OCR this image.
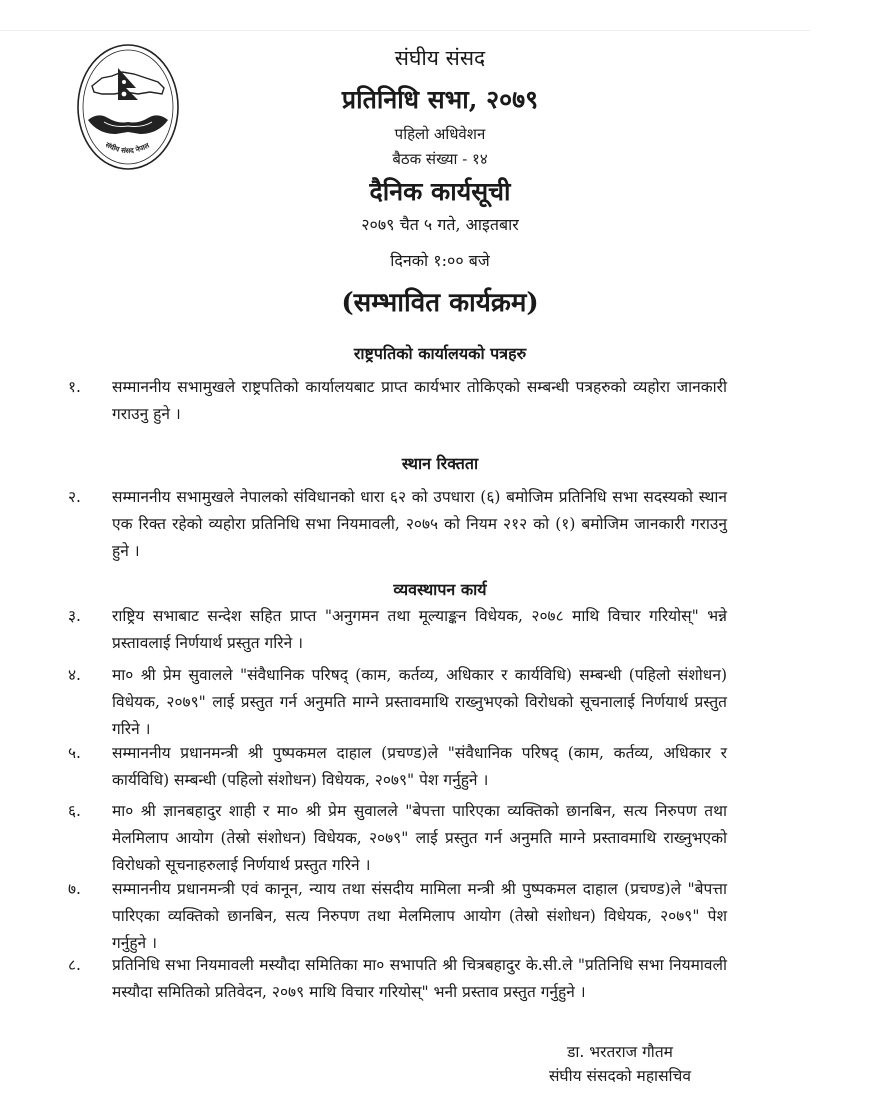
संघीय संसद नेपाल
संघीय संसद
प्रतिनिधि सभा, २०७९
पहिलो अधिवेशन
बैठक संख्या - १४
दैनिक कार्यसूची
२०७९ चैत ५ गते, आइतबार
दिनको १:०० बजे
(सम्भावित कार्यक्रम)
राष्ट्रपतिको कार्यालयको पत्रहरु
१.	सम्माननीय सभामुखले राष्ट्रपतिको कार्यालयबाट प्राप्त कार्यभार तोकिएको सम्बन्धी पत्रहरुको व्यहोरा जानकारी गराउनु हुने ।
स्थान रिक्तता
२.	सम्माननीय सभामुखले नेपालको संविधानको धारा ६२ को उपधारा (६) बमोजिम प्रतिनिधि सभा सदस्यको स्थान एक रिक्त रहेको व्यहोरा प्रतिनिधि सभा नियमावली, २०७५ को नियम २१२ को (१) बमोजिम जानकारी गराउनु हुने ।
व्यवस्थापन कार्य
३.	राष्ट्रिय सभाबाट सन्देश सहित प्राप्त "अनुगमन तथा मूल्याङ्कन विधेयक, २०७८ माथि विचार गरियोस्" भन्ने प्रस्तावलाई निर्णयार्थ प्रस्तुत गरिने ।
४.	मा० श्री प्रेम सुवालले "संवैधानिक परिषद् (काम, कर्तव्य, अधिकार र कार्यविधि) सम्बन्धी (पहिलो संशोधन) विधेयक, २०७९" लाई प्रस्तुत गर्न अनुमति माग्ने प्रस्तावमाथि राख्नुभएको विरोधको सूचनालाई निर्णयार्थ प्रस्तुत गरिने ।
५.	सम्माननीय प्रधानमन्त्री श्री पुष्पकमल दाहाल (प्रचण्ड)ले "संवैधानिक परिषद् (काम, कर्तव्य, अधिकार र कार्यविधि) सम्बन्धी (पहिलो संशोधन) विधेयक, २०७९" पेश गर्नुहुने ।
६.	मा० श्री ज्ञानबहादुर शाही र मा० श्री प्रेम सुवालले "बेपत्ता पारिएका व्यक्तिको छानबिन, सत्य निरुपण तथा मेलमिलाप आयोग (तेस्रो संशोधन) विधेयक, २०७९" लाई प्रस्तुत गर्न अनुमति माग्ने प्रस्तावमाथि राख्नुभएको विरोधको सूचनाहरुलाई निर्णयार्थ प्रस्तुत गरिने ।
७.	सम्माननीय प्रधानमन्त्री एवं कानून, न्याय तथा संसदीय मामिला मन्त्री श्री पुष्पकमल दाहाल (प्रचण्ड)ले "बेपत्ता पारिएका व्यक्तिको छानबिन, सत्य निरुपण तथा मेलमिलाप आयोग (तेस्रो संशोधन) विधेयक, २०७९" पेश गर्नुहुने ।
८.	प्रतिनिधि सभा नियमावली मस्यौदा समितिका मा० सभापति श्री चित्रबहादुर के.सी.ले "प्रतिनिधि सभा नियमावली मस्यौदा समितिको प्रतिवेदन, २०७९ माथि विचार गरियोस्" भनी प्रस्ताव प्रस्तुत गर्नुहुने ।
डा. भरतराज गौतम
संघीय संसदको महासचिव
